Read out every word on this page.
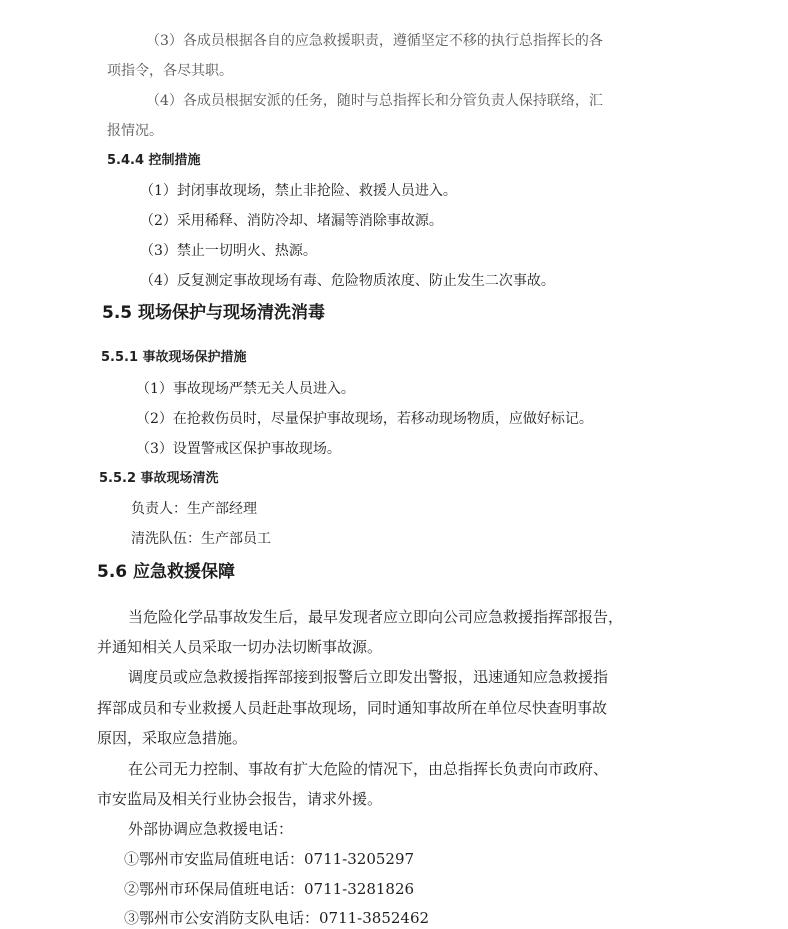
（3）各成员根据各自的应急救援职责，遵循坚定不移的执行总指挥长的各
项指令，各尽其职。
（4）各成员根据安派的任务，随时与总指挥长和分管负责人保持联络，汇
报情况。
5.4.4 控制措施
（1）封闭事故现场，禁止非抢险、救援人员进入。
（2）采用稀释、消防冷却、堵漏等消除事故源。
（3）禁止一切明火、热源。
（4）反复测定事故现场有毒、危险物质浓度、防止发生二次事故。
5.5 现场保护与现场清洗消毒
5.5.1 事故现场保护措施
（1）事故现场严禁无关人员进入。
（2）在抢救伤员时，尽量保护事故现场，若移动现场物质，应做好标记。
（3）设置警戒区保护事故现场。
5.5.2 事故现场清洗
负责人：生产部经理
清洗队伍：生产部员工
5.6 应急救援保障
当危险化学品事故发生后，最早发现者应立即向公司应急救援指挥部报告，
并通知相关人员采取一切办法切断事故源。
调度员或应急救援指挥部接到报警后立即发出警报，迅速通知应急救援指
挥部成员和专业救援人员赶赴事故现场，同时通知事故所在单位尽快查明事故
原因，采取应急措施。
在公司无力控制、事故有扩大危险的情况下，由总指挥长负责向市政府、
市安监局及相关行业协会报告，请求外援。
外部协调应急救援电话：
①鄂州市安监局值班电话：0711-3205297
②鄂州市环保局值班电话：0711-3281826
③鄂州市公安消防支队电话：0711-3852462
